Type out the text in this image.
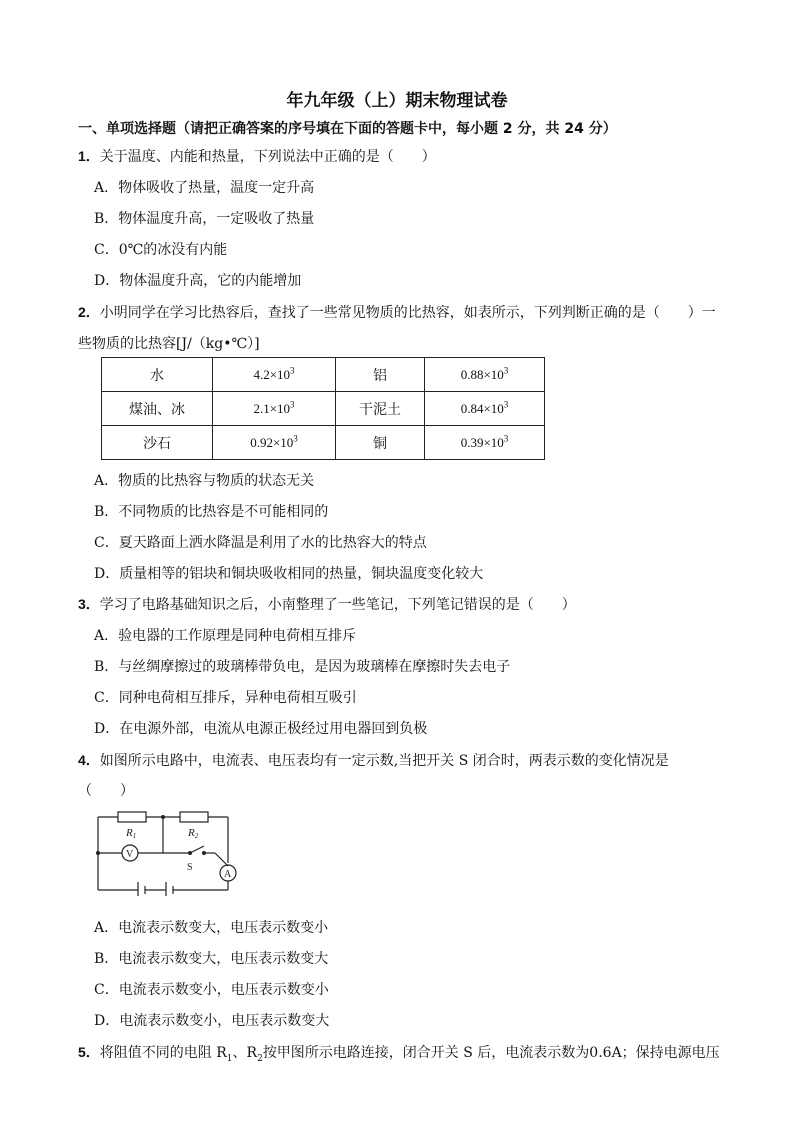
年九年级（上）期末物理试卷
一、单项选择题（请把正确答案的序号填在下面的答题卡中，每小题 2 分，共 24 分）
1．关于温度、内能和热量，下列说法中正确的是（　　）
A．物体吸收了热量，温度一定升高
B．物体温度升高，一定吸收了热量
C．0℃的冰没有内能
D．物体温度升高，它的内能增加
2．小明同学在学习比热容后，查找了一些常见物质的比热容，如表所示，下列判断正确的是（　　）一
些物质的比热容[J/（kg•℃）]
水	$4.2\times 10^3$	铝	$0.88\times 10^3$
煤油、冰	$2.1\times 10^3$	干泥土	$0.84\times 10^3$
沙石	$0.92\times 10^3$	铜	$0.39\times 10^3$
A．物质的比热容与物质的状态无关
B．不同物质的比热容是不可能相同的
C．夏天路面上洒水降温是利用了水的比热容大的特点
D．质量相等的铝块和铜块吸收相同的热量，铜块温度变化较大
3．学习了电路基础知识之后，小南整理了一些笔记，下列笔记错误的是（　　）
A．验电器的工作原理是同种电荷相互排斥
B．与丝绸摩擦过的玻璃棒带负电，是因为玻璃棒在摩擦时失去电子
C．同种电荷相互排斥，异种电荷相互吸引
D．在电源外部，电流从电源正极经过用电器回到负极
4．如图所示电路中，电流表、电压表均有一定示数,当把开关 S 闭合时，两表示数的变化情况是
（　　）
R1	R2
V
A
S
A．电流表示数变大，电压表示数变小
B．电流表示数变大，电压表示数变大
C．电流表示数变小，电压表示数变小
D．电流表示数变小，电压表示数变大
5．将阻值不同的电阻 $R_1$、$R_2$按甲图所示电路连接，闭合开关 S 后，电流表示数为0.6A；保持电源电压
